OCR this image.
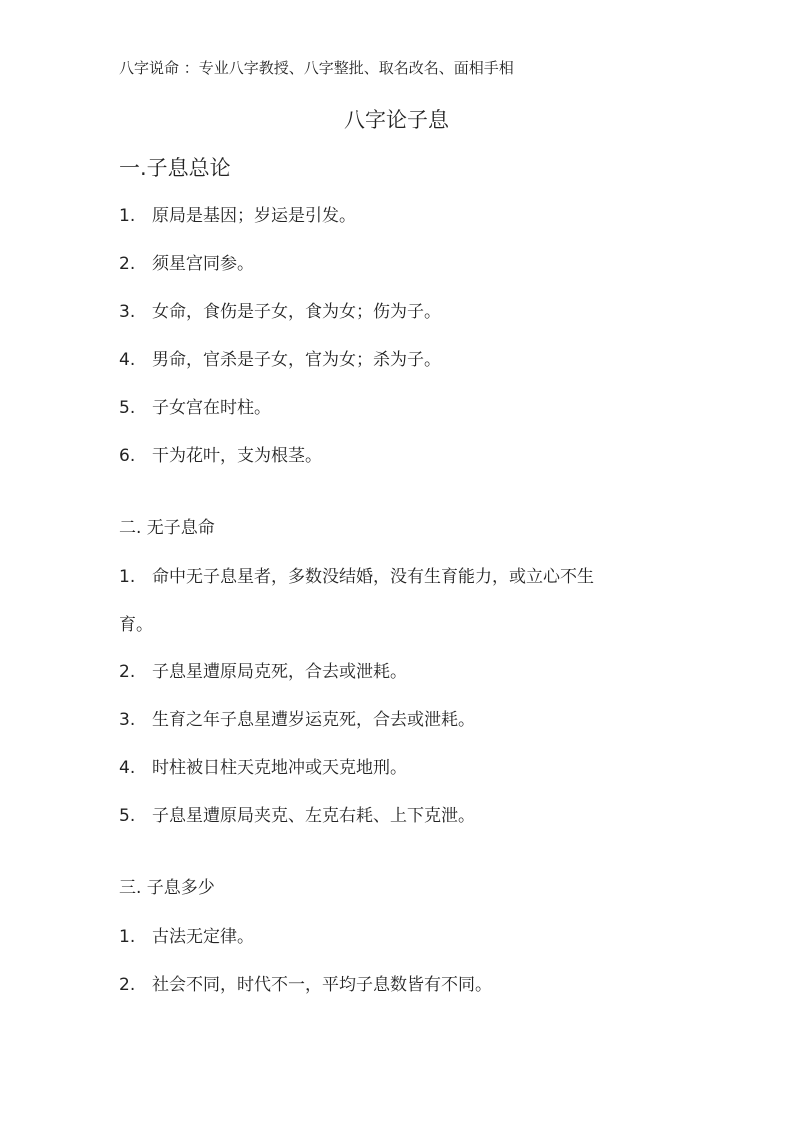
八字说命 ：专业八字教授、八字整批、取名改名、面相手相
八字论子息
一.子息总论
1. 原局是基因；岁运是引发。
2. 须星宫同参。
3. 女命，食伤是子女，食为女；伤为子。
4. 男命，官杀是子女，官为女；杀为子。
5. 子女宫在时柱。
6. 干为花叶，支为根茎。
二. 无子息命
1. 命中无子息星者，多数没结婚，没有生育能力，或立心不生
育。
2. 子息星遭原局克死，合去或泄耗。
3. 生育之年子息星遭岁运克死，合去或泄耗。
4. 时柱被日柱天克地冲或天克地刑。
5. 子息星遭原局夹克、左克右耗、上下克泄。
三. 子息多少
1. 古法无定律。
2. 社会不同，时代不一，平均子息数皆有不同。
